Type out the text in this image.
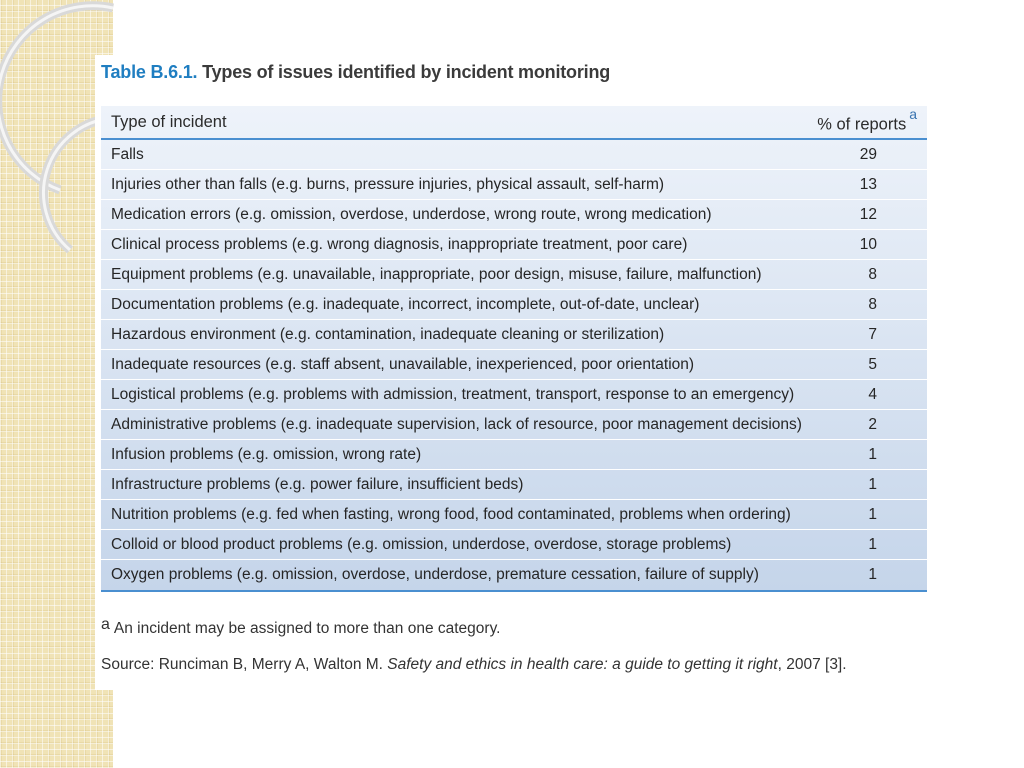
Table B.6.1. Types of issues identified by incident monitoring
Type of incident	% of reports$^a$
Falls	29
Injuries other than falls (e.g. burns, pressure injuries, physical assault, self-harm)	13
Medication errors (e.g. omission, overdose, underdose, wrong route, wrong medication)	12
Clinical process problems (e.g. wrong diagnosis, inappropriate treatment, poor care)	10
Equipment problems (e.g. unavailable, inappropriate, poor design, misuse, failure, malfunction)	8
Documentation problems (e.g. inadequate, incorrect, incomplete, out-of-date, unclear)	8
Hazardous environment (e.g. contamination, inadequate cleaning or sterilization)	7
Inadequate resources (e.g. staff absent, unavailable, inexperienced, poor orientation)	5
Logistical problems (e.g. problems with admission, treatment, transport, response to an emergency)	4
Administrative problems (e.g. inadequate supervision, lack of resource, poor management decisions)	2
Infusion problems (e.g. omission, wrong rate)	1
Infrastructure problems (e.g. power failure, insufficient beds)	1
Nutrition problems (e.g. fed when fasting, wrong food, food contaminated, problems when ordering)	1
Colloid or blood product problems (e.g. omission, underdose, overdose, storage problems)	1
Oxygen problems (e.g. omission, overdose, underdose, premature cessation, failure of supply)	1
a An incident may be assigned to more than one category.
Source: Runciman B, Merry A, Walton M. Safety and ethics in health care: a guide to getting it right, 2007 [3].
